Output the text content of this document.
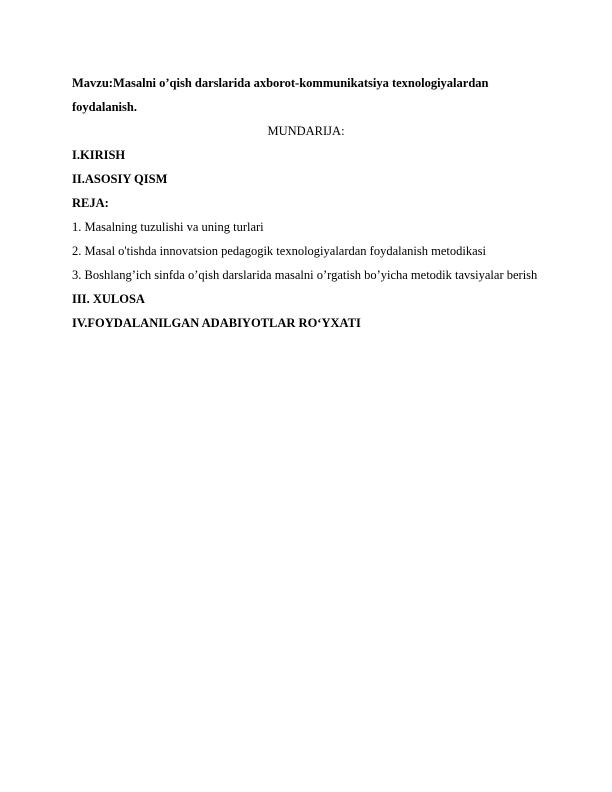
Mavzu:Masalni o’qish darslarida axborot-kommunikatsiya texnologiyalardan
foydalanish.

MUNDARIJA:

I.KIRISH

II.ASOSIY QISM

REJA:

1. Masalning tuzulishi va uning turlari

2. Masal o'tishda innovatsion pedagogik texnologiyalardan foydalanish metodikasi

3. Boshlang’ich sinfda o’qish darslarida masalni o’rgatish bo’yicha metodik tavsiyalar berish

III. XULOSA

IV.FOYDALANILGAN ADABIYOTLAR RO‘YXATI
